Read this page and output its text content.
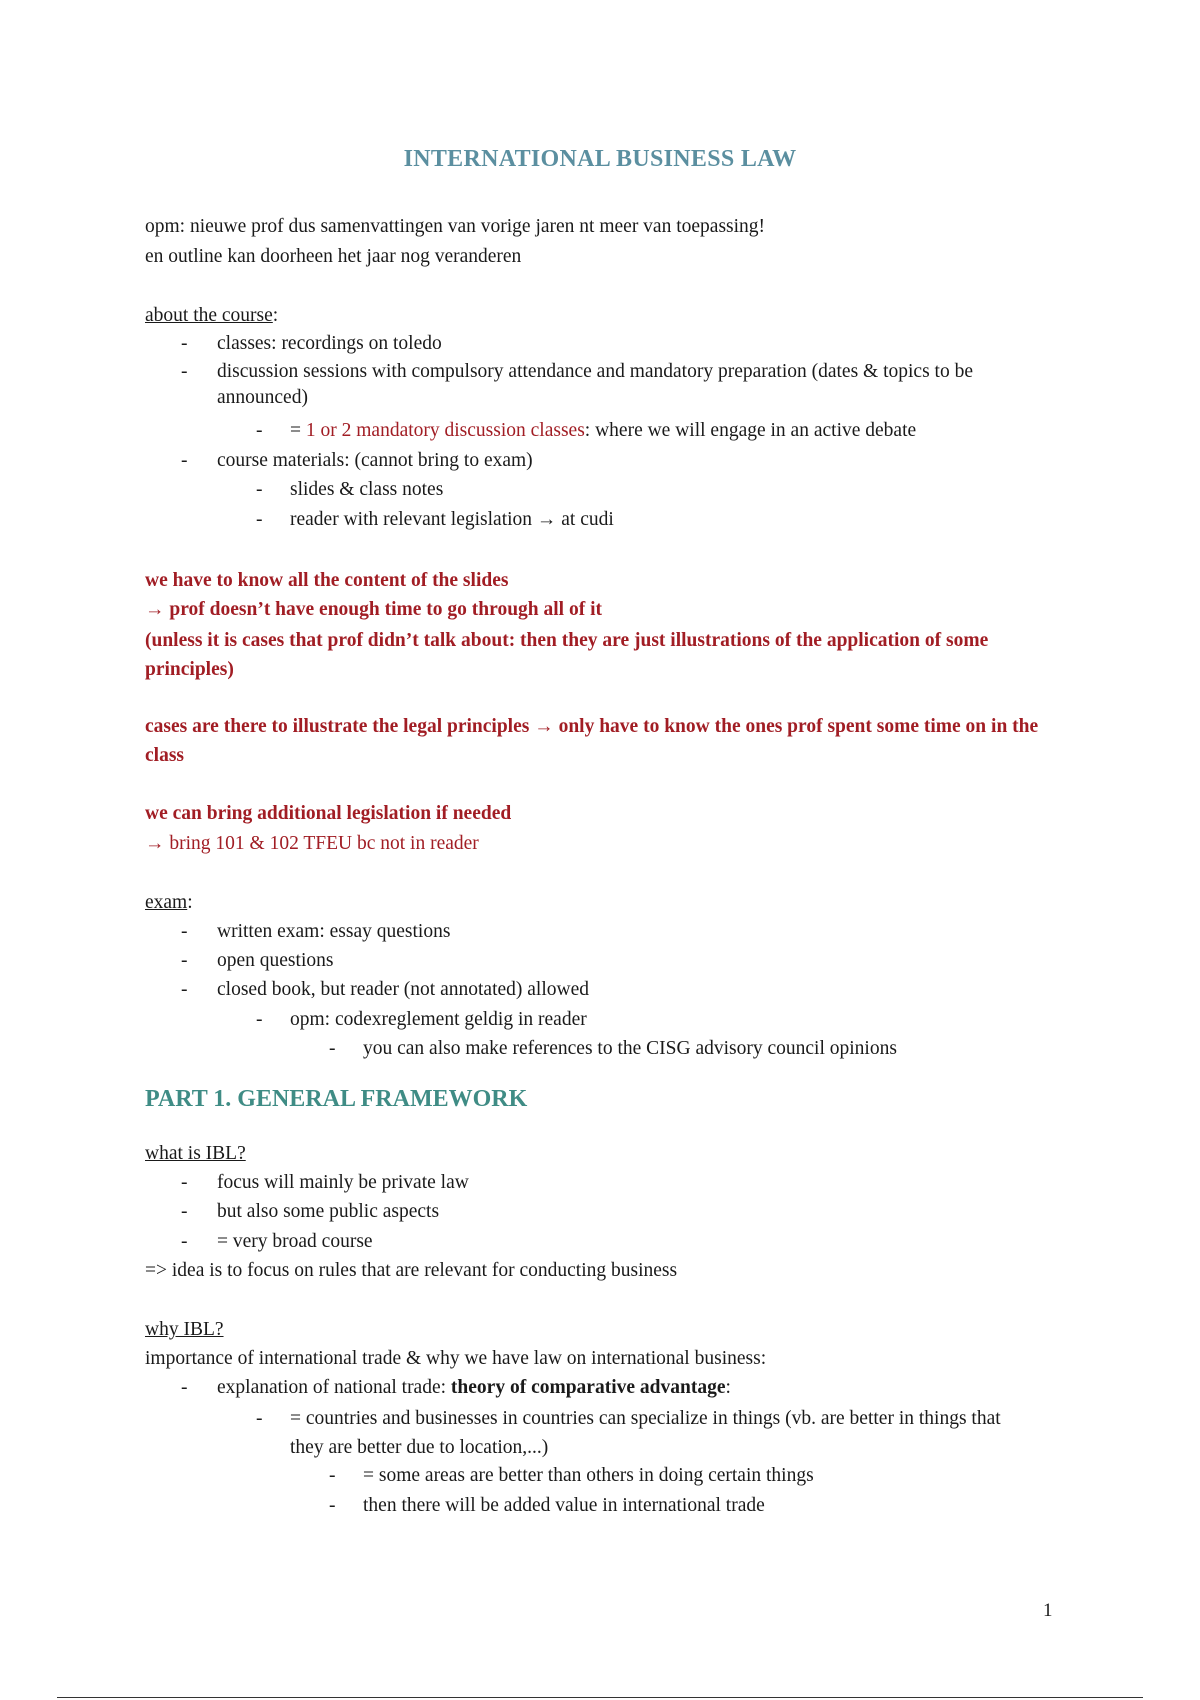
INTERNATIONAL BUSINESS LAW
opm: nieuwe prof dus samenvattingen van vorige jaren nt meer van toepassing!
en outline kan doorheen het jaar nog veranderen
about the course:
-	classes: recordings on toledo
-	discussion sessions with compulsory attendance and mandatory preparation (dates & topics to be announced)
-	= 1 or 2 mandatory discussion classes: where we will engage in an active debate
-	course materials: (cannot bring to exam)
-	slides & class notes
-	reader with relevant legislation → at cudi
we have to know all the content of the slides
→ prof doesn’t have enough time to go through all of it
(unless it is cases that prof didn’t talk about: then they are just illustrations of the application of some principles)
cases are there to illustrate the legal principles → only have to know the ones prof spent some time on in the class
we can bring additional legislation if needed
→ bring 101 & 102 TFEU bc not in reader
exam:
-	written exam: essay questions
-	open questions
-	closed book, but reader (not annotated) allowed
-	opm: codexreglement geldig in reader
-	you can also make references to the CISG advisory council opinions
PART 1. GENERAL FRAMEWORK
what is IBL?
-	focus will mainly be private law
-	but also some public aspects
-	= very broad course
=> idea is to focus on rules that are relevant for conducting business
why IBL?
importance of international trade & why we have law on international business:
-	explanation of national trade: theory of comparative advantage:
-	= countries and businesses in countries can specialize in things (vb. are better in things that they are better due to location,...)
-	= some areas are better than others in doing certain things
-	then there will be added value in international trade
1
